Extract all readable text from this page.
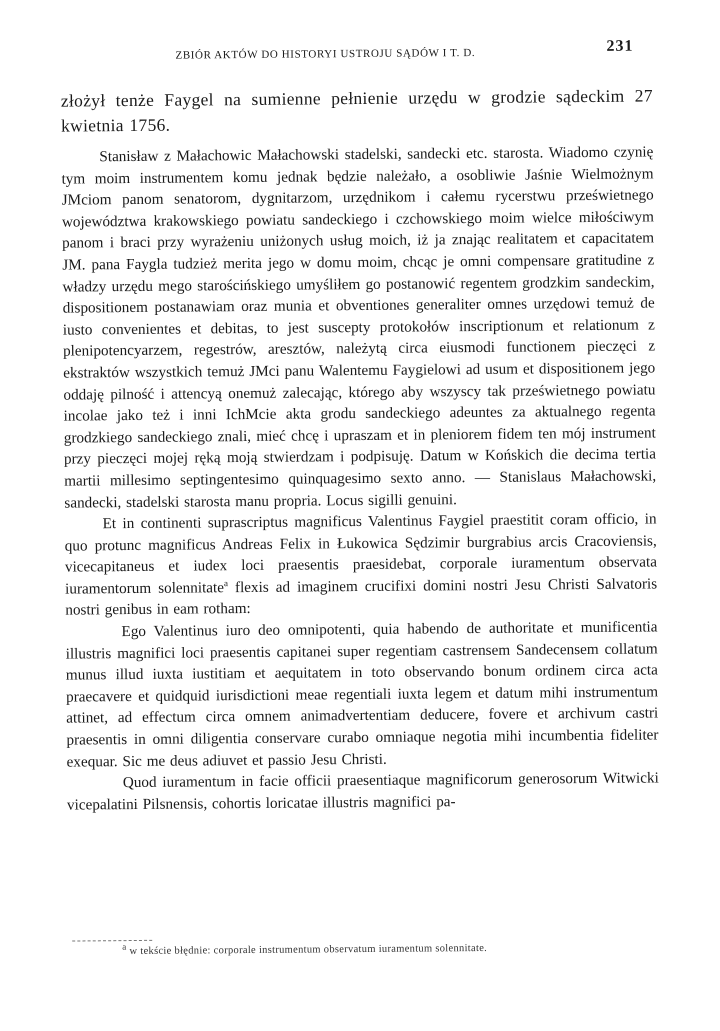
ZBIÓR AKTÓW DO HISTORYI USTROJU SĄDÓW I T. D.	231
złożył tenże Faygel na sumienne pełnienie urzędu w grodzie sądeckim 27 kwietnia 1756.

Stanisław z Małachowic Małachowski stadelski, sandecki etc. starosta. Wiadomo czynię tym moim instrumentem komu jednak będzie należało, a osobliwie Jaśnie Wielmożnym JMciom panom senatorom, dygnitarzom, urzędnikom i całemu rycerstwu prześwietnego województwa krakowskiego powiatu sandeckiego i czchowskiego moim wielce miłościwym panom i braci przy wyrażeniu uniżonych usług moich, iż ja znając realitatem et capacitatem JM. pana Faygla tudzież merita jego w domu moim, chcąc je omni compensare gratitudine z władzy urzędu mego starościńskiego umyśliłem go postanowić regentem grodzkim sandeckim, dispositionem postanawiam oraz munia et obventiones generaliter omnes urzędowi temuż de iusto convenientes et debitas, to jest suscepty protokołów inscriptionum et relationum z plenipotencyarzem, regestrów, aresztów, należytą circa eiusmodi functionem pieczęci z ekstraktów wszystkich temuż JMci panu Walentemu Faygielowi ad usum et dispositionem jego oddaję pilność i attencyą onemuż zalecając, którego aby wszyscy tak prześwietnego powiatu incolae jako też i inni IchMcie akta grodu sandeckiego adeuntes za aktualnego regenta grodzkiego sandeckiego znali, mieć chcę i upraszam et in pleniorem fidem ten mój instrument przy pieczęci mojej ręką moją stwierdzam i podpisuję. Datum w Końskich die decima tertia martii millesimo septingentesimo quinquagesimo sexto anno. — Stanislaus Małachowski, sandecki, stadelski starosta manu propria. Locus sigilli genuini.

Et in continenti suprascriptus magnificus Valentinus Faygiel praestitit coram officio, in quo protunc magnificus Andreas Felix in Łukowica Sędzimir burgrabius arcis Cracoviensis, vicecapitaneus et iudex loci praesentis praesidebat, corporale iuramentum observata iuramentorum solennitate$^a$ flexis ad imaginem crucifixi domini nostri Jesu Christi Salvatoris nostri genibus in eam rotham:

Ego Valentinus iuro deo omnipotenti, quia habendo de authoritate et munificentia illustris magnifici loci praesentis capitanei super regentiam castrensem Sandecensem collatum munus illud iuxta iustitiam et aequitatem in toto observando bonum ordinem circa acta praecavere et quidquid iurisdictioni meae regentiali iuxta legem et datum mihi instrumentum attinet, ad effectum circa omnem animadvertentiam deducere, fovere et archivum castri praesentis in omni diligentia conservare curabo omniaque negotia mihi incumbentia fideliter exequar. Sic me deus adiuvet et passio Jesu Christi.

Quod iuramentum in facie officii praesentiaque magnificorum generosorum Witwicki vicepalatini Pilsnensis, cohortis loricatae illustris magnifici pa-

$^a$ w tekście błędnie: corporale instrumentum observatum iuramentum solennitate.
